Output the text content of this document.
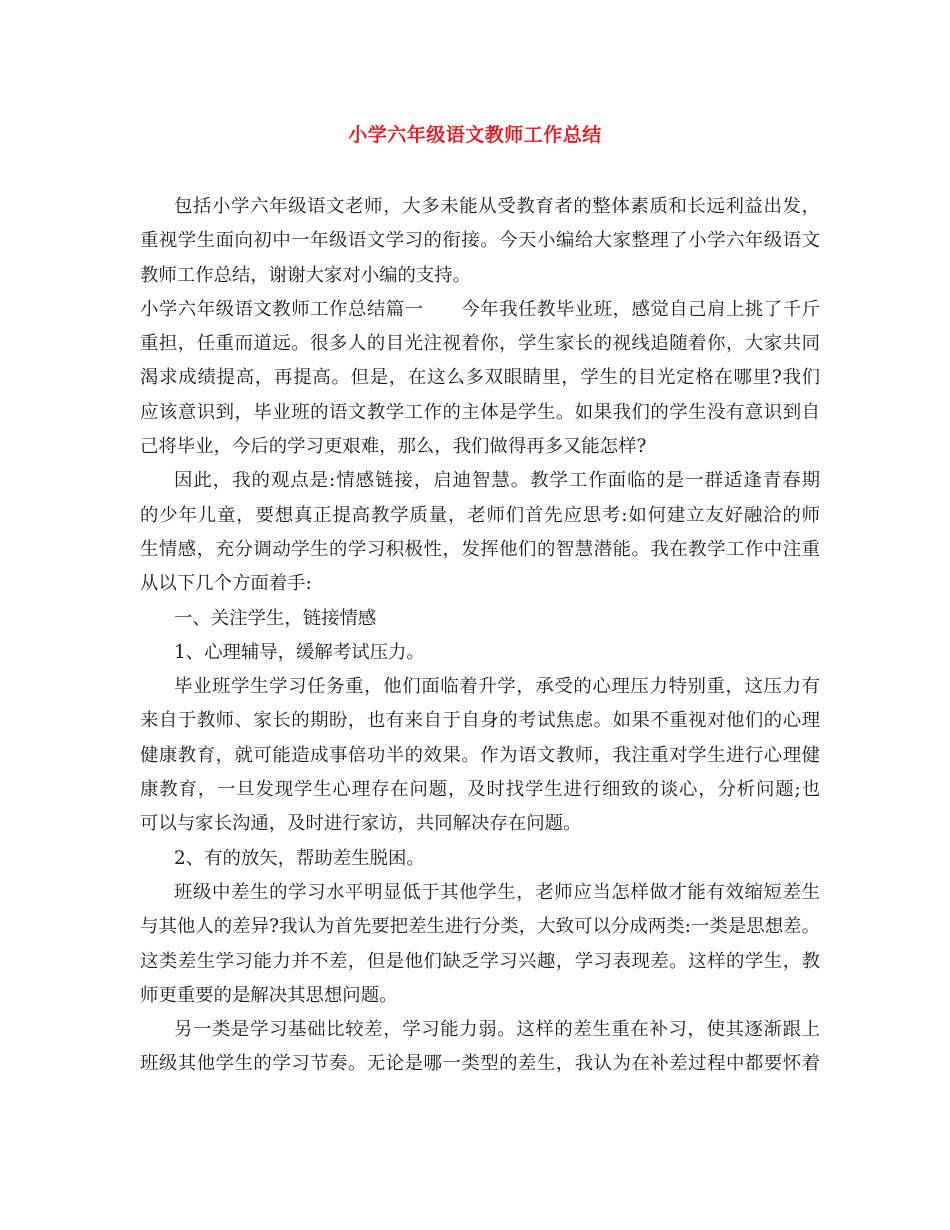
小学六年级语文教师工作总结
包括小学六年级语文老师，大多未能从受教育者的整体素质和长远利益出发，
重视学生面向初中一年级语文学习的衔接。今天小编给大家整理了小学六年级语文
教师工作总结，谢谢大家对小编的支持。
小学六年级语文教师工作总结篇一　　今年我任教毕业班，感觉自己肩上挑了千斤
重担，任重而道远。很多人的目光注视着你，学生家长的视线追随着你，大家共同
渴求成绩提高，再提高。但是，在这么多双眼睛里，学生的目光定格在哪里?我们
应该意识到，毕业班的语文教学工作的主体是学生。如果我们的学生没有意识到自
己将毕业，今后的学习更艰难，那么，我们做得再多又能怎样?
因此，我的观点是:情感链接，启迪智慧。教学工作面临的是一群适逢青春期
的少年儿童，要想真正提高教学质量，老师们首先应思考:如何建立友好融洽的师
生情感，充分调动学生的学习积极性，发挥他们的智慧潜能。我在教学工作中注重
从以下几个方面着手:
一、关注学生，链接情感
1、心理辅导，缓解考试压力。
毕业班学生学习任务重，他们面临着升学，承受的心理压力特别重，这压力有
来自于教师、家长的期盼，也有来自于自身的考试焦虑。如果不重视对他们的心理
健康教育，就可能造成事倍功半的效果。作为语文教师，我注重对学生进行心理健
康教育，一旦发现学生心理存在问题，及时找学生进行细致的谈心，分析问题;也
可以与家长沟通，及时进行家访，共同解决存在问题。
2、有的放矢，帮助差生脱困。
班级中差生的学习水平明显低于其他学生，老师应当怎样做才能有效缩短差生
与其他人的差异?我认为首先要把差生进行分类，大致可以分成两类:一类是思想差。
这类差生学习能力并不差，但是他们缺乏学习兴趣，学习表现差。这样的学生，教
师更重要的是解决其思想问题。
另一类是学习基础比较差，学习能力弱。这样的差生重在补习，使其逐渐跟上
班级其他学生的学习节奏。无论是哪一类型的差生，我认为在补差过程中都要怀着
